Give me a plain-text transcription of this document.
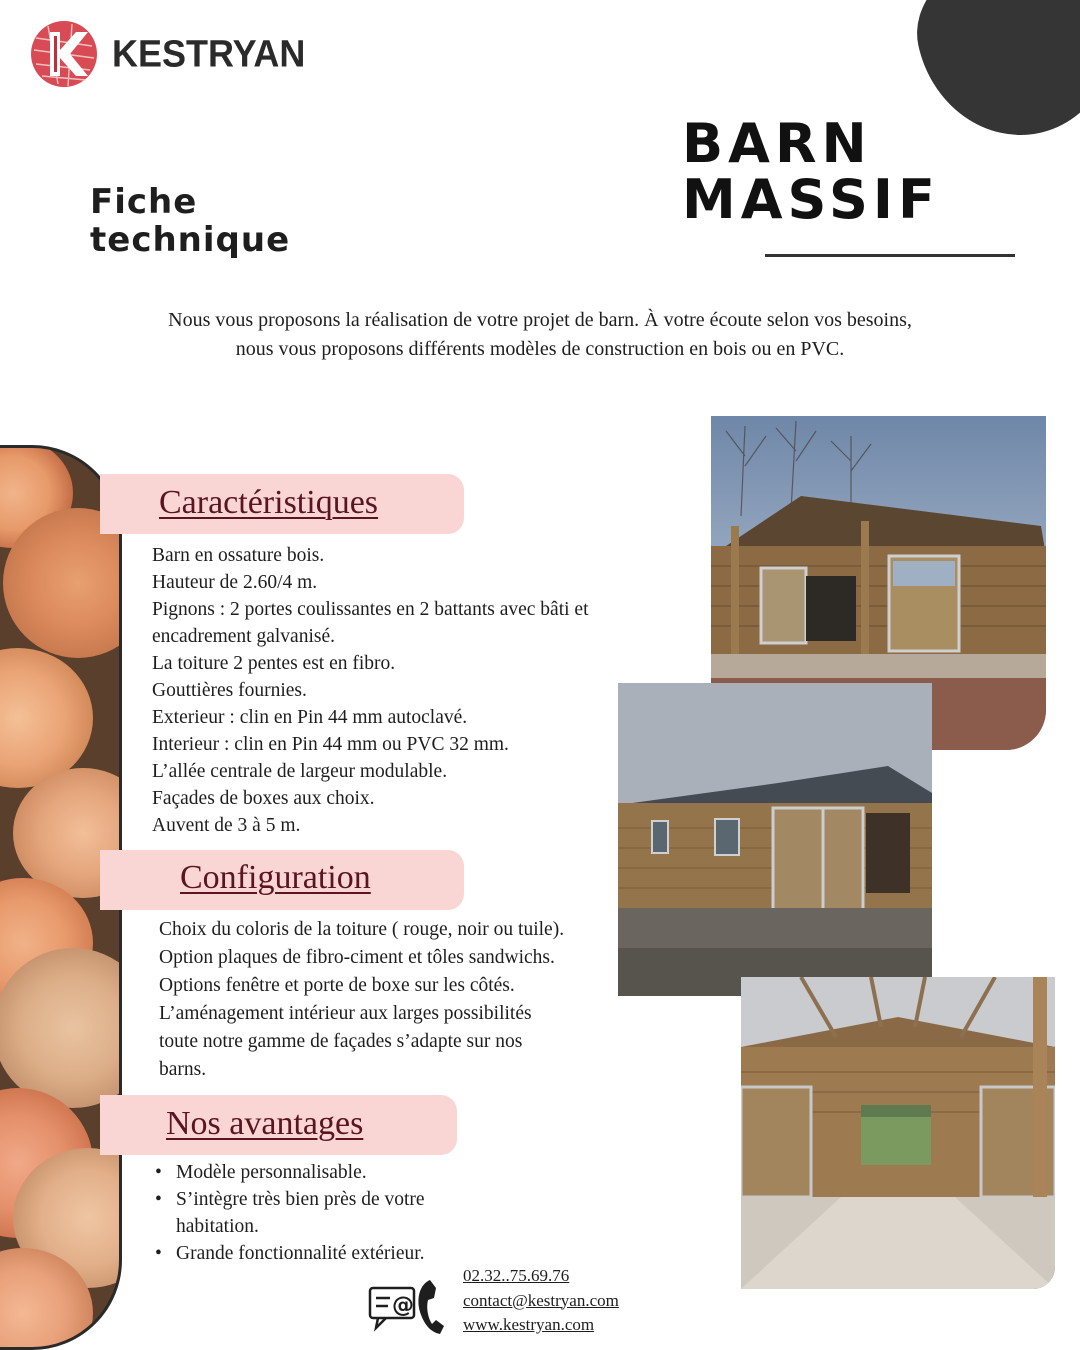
KESTRYAN
Fiche
technique
BARN
MASSIF
Nous vous proposons la réalisation de votre projet de barn. À votre écoute selon vos besoins,
nous vous proposons différents modèles de construction en bois ou en PVC.
Caractéristiques
Barn en ossature bois.
Hauteur de 2.60/4 m.
Pignons : 2 portes coulissantes en 2 battants avec bâti et
encadrement galvanisé.
La toiture 2 pentes est en fibro.
Gouttières fournies.
Exterieur : clin en Pin 44 mm autoclavé.
Interieur : clin en Pin 44 mm ou PVC 32 mm.
L’allée centrale de largeur modulable.
Façades de boxes aux choix.
Auvent de 3 à 5 m.
Configuration
Choix du coloris de la toiture ( rouge, noir ou tuile).
Option plaques de fibro-ciment et tôles sandwichs.
Options fenêtre et porte de boxe sur les côtés.
L’aménagement intérieur aux larges possibilités
toute notre gamme de façades s’adapte sur nos
barns.
Nos avantages
• Modèle personnalisable.
• S’intègre très bien près de votre
habitation.
• Grande fonctionnalité extérieur.
@
02.32..75.69.76
contact@kestryan.com
www.kestryan.com
